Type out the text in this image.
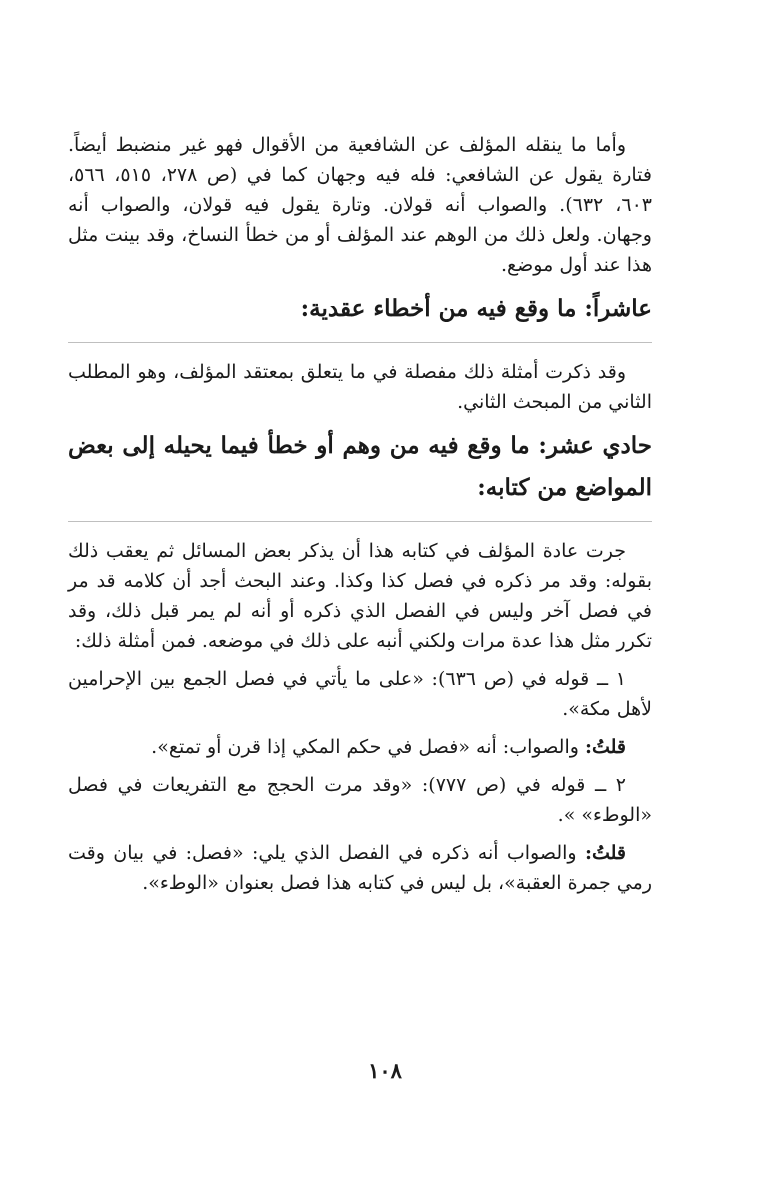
وأما ما ينقله المؤلف عن الشافعية من الأقوال فهو غير منضبط أيضاً. فتارة يقول عن الشافعي: فله فيه وجهان كما في (ص ٢٧٨، ٥١٥، ٥٦٦، ٦٠٣، ٦٣٢). والصواب أنه قولان. وتارة يقول فيه قولان، والصواب أنه وجهان. ولعل ذلك من الوهم عند المؤلف أو من خطأ النساخ، وقد بينت مثل هذا عند أول موضع.

عاشراً: ما وقع فيه من أخطاء عقدية:

وقد ذكرت أمثلة ذلك مفصلة في ما يتعلق بمعتقد المؤلف، وهو المطلب الثاني من المبحث الثاني.

حادي عشر: ما وقع فيه من وهم أو خطأ فيما يحيله إلى بعض المواضع من كتابه:

جرت عادة المؤلف في كتابه هذا أن يذكر بعض المسائل ثم يعقب ذلك بقوله: وقد مر ذكره في فصل كذا وكذا. وعند البحث أجد أن كلامه قد مر في فصل آخر وليس في الفصل الذي ذكره أو أنه لم يمر قبل ذلك، وقد تكرر مثل هذا عدة مرات ولكني أنبه على ذلك في موضعه. فمن أمثلة ذلك:

١ ــ قوله في (ص ٦٣٦): «على ما يأتي في فصل الجمع بين الإحرامين لأهل مكة».

قلتُ: والصواب: أنه «فصل في حكم المكي إذا قرن أو تمتع».

٢ ــ قوله في (ص ٧٧٧): «وقد مرت الحجج مع التفريعات في فصل «الوطء» ».

قلتُ: والصواب أنه ذكره في الفصل الذي يلي: «فصل: في بيان وقت رمي جمرة العقبة»، بل ليس في كتابه هذا فصل بعنوان «الوطء».

١٠٨
